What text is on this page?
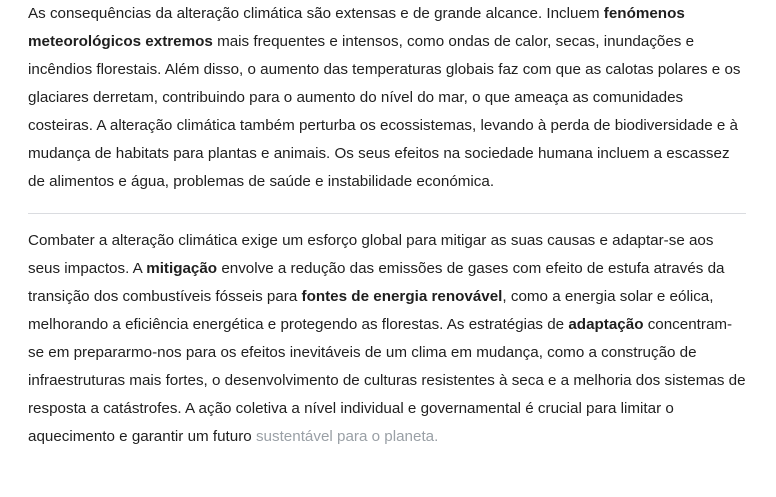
As consequências da alteração climática são extensas e de grande alcance. Incluem fenómenos meteorológicos extremos mais frequentes e intensos, como ondas de calor, secas, inundações e incêndios florestais. Além disso, o aumento das temperaturas globais faz com que as calotas polares e os glaciares derretam, contribuindo para o aumento do nível do mar, o que ameaça as comunidades costeiras. A alteração climática também perturba os ecossistemas, levando à perda de biodiversidade e à mudança de habitats para plantas e animais. Os seus efeitos na sociedade humana incluem a escassez de alimentos e água, problemas de saúde e instabilidade económica.

Combater a alteração climática exige um esforço global para mitigar as suas causas e adaptar-se aos seus impactos. A mitigação envolve a redução das emissões de gases com efeito de estufa através da transição dos combustíveis fósseis para fontes de energia renovável, como a energia solar e eólica, melhorando a eficiência energética e protegendo as florestas. As estratégias de adaptação concentram-se em prepararmo-nos para os efeitos inevitáveis de um clima em mudança, como a construção de infraestruturas mais fortes, o desenvolvimento de culturas resistentes à seca e a melhoria dos sistemas de resposta a catástrofes. A ação coletiva a nível individual e governamental é crucial para limitar o aquecimento e garantir um futuro sustentável para o planeta.
